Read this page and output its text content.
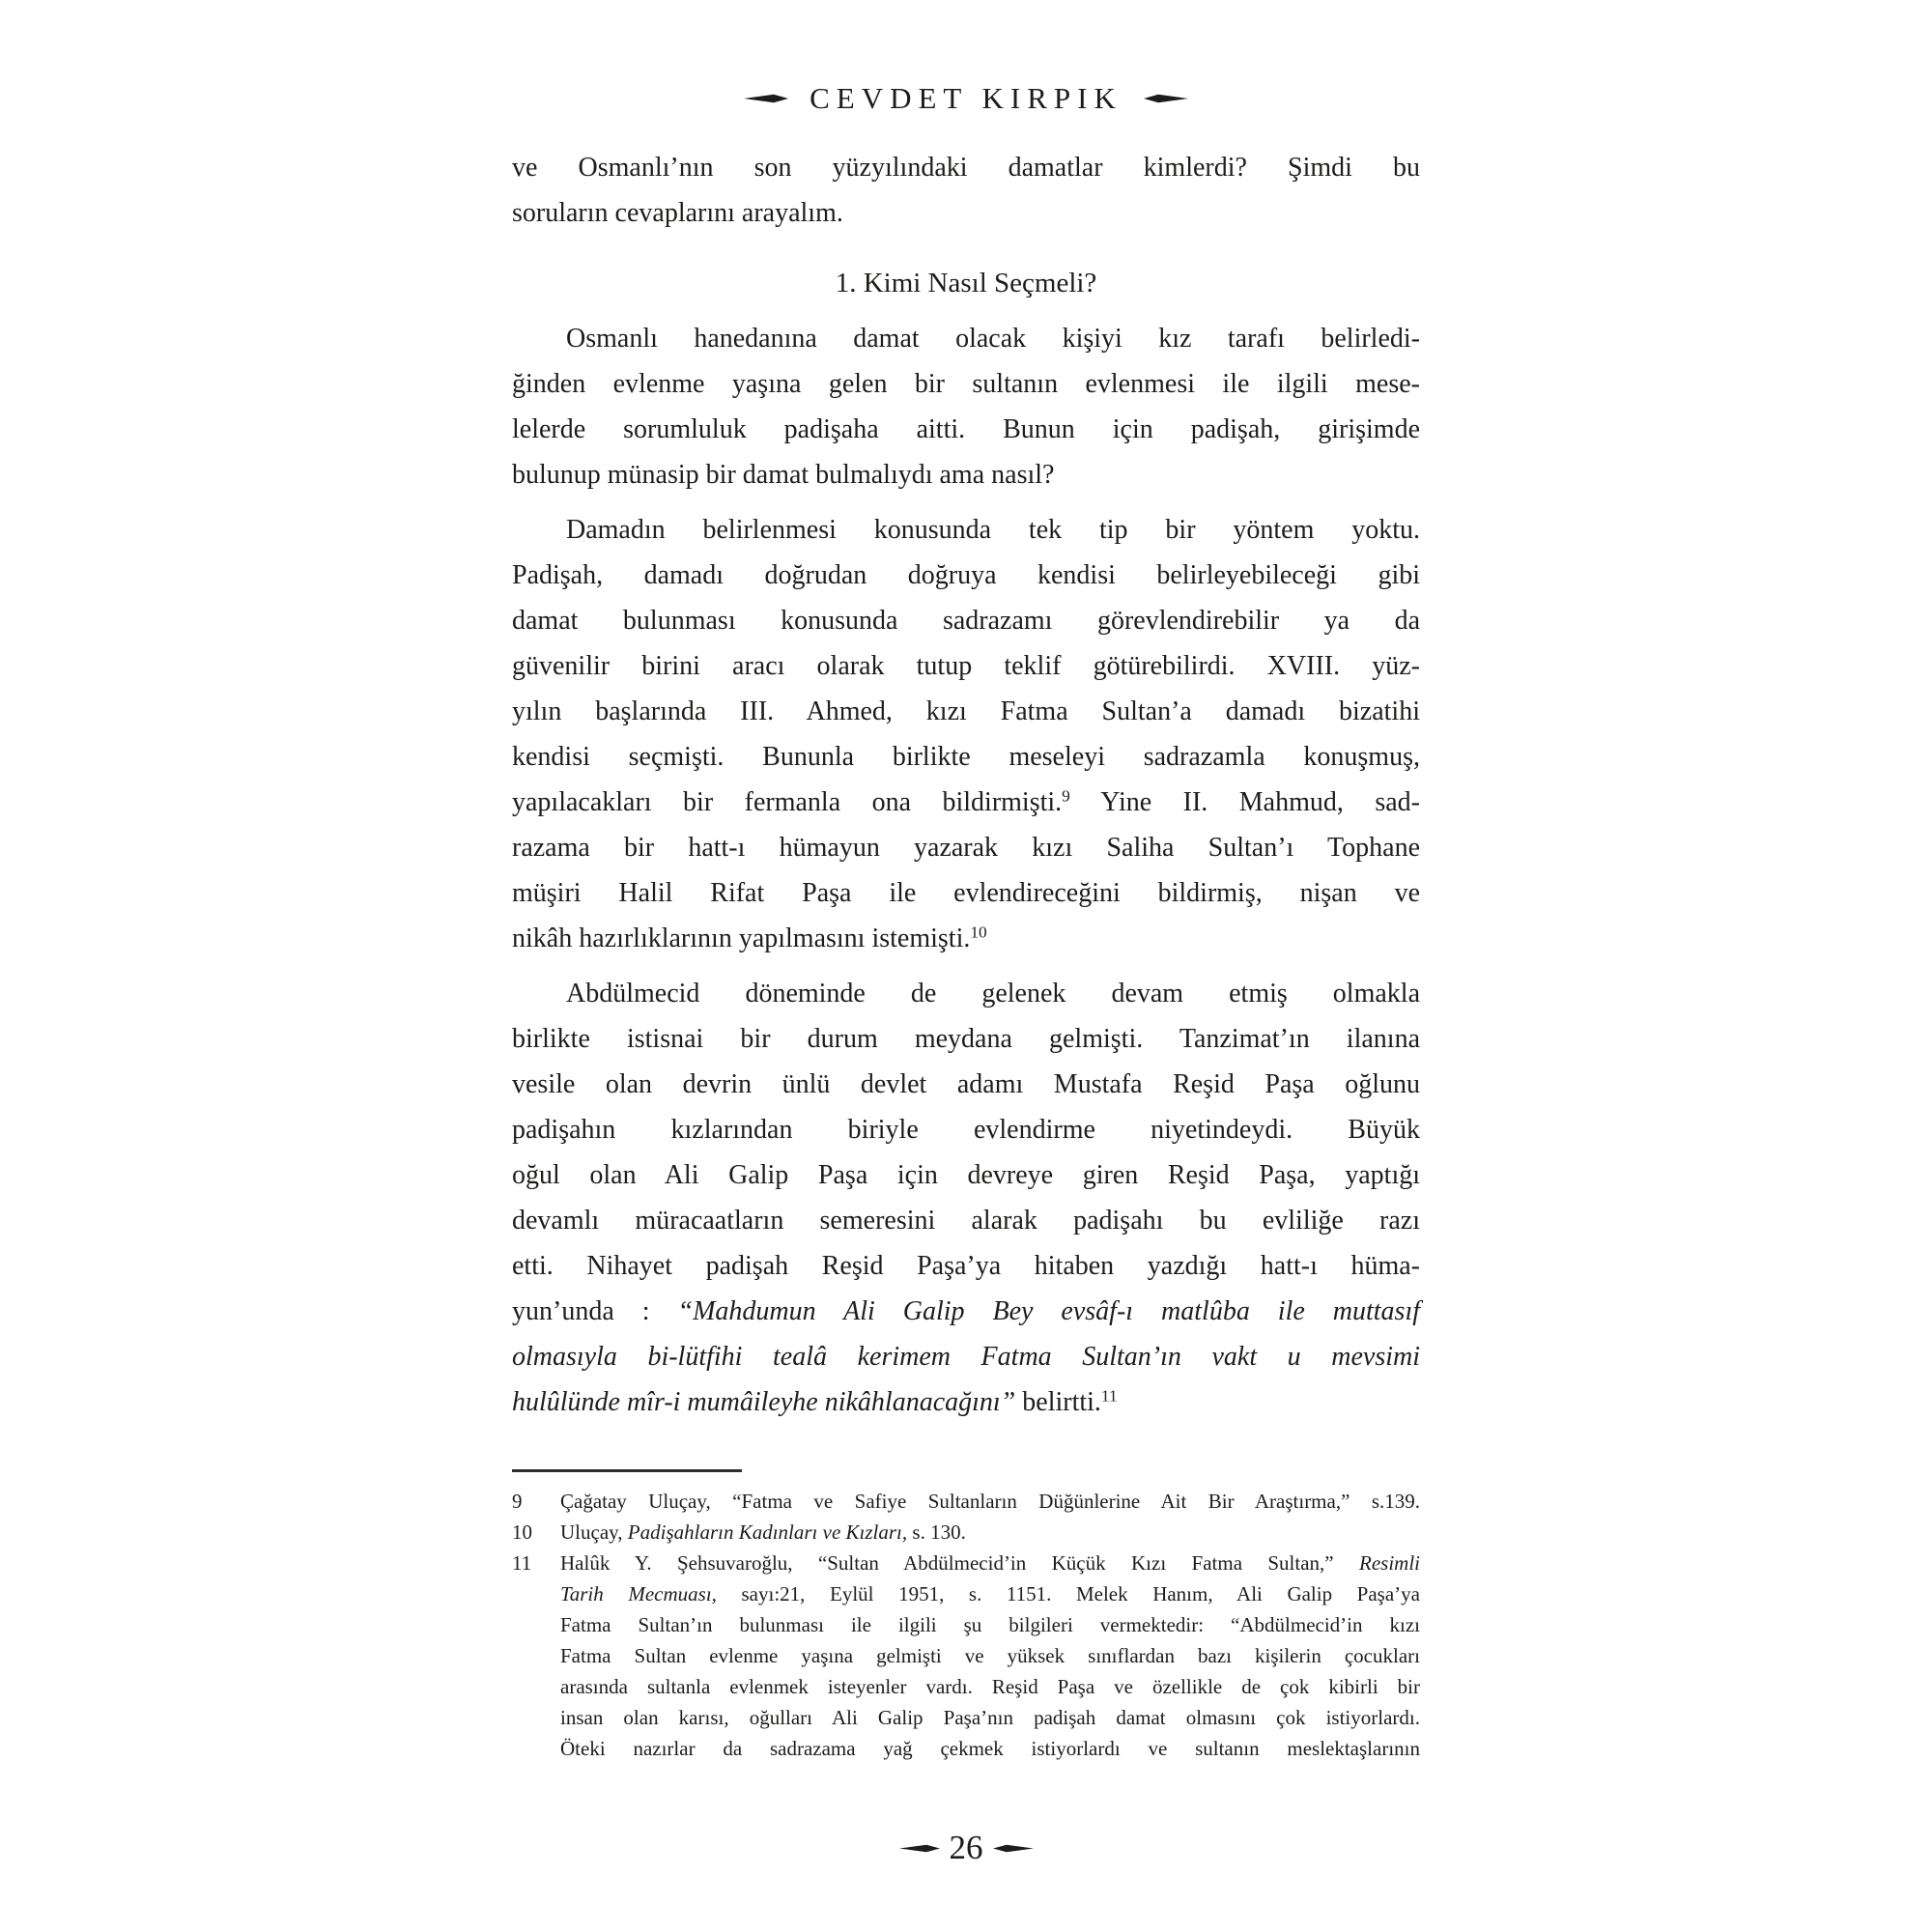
CEVDET KIRPIK
ve Osmanlı’nın son yüzyılındaki damatlar kimlerdi? Şimdi bu
soruların cevaplarını arayalım.
1. Kimi Nasıl Seçmeli?
Osmanlı hanedanına damat olacak kişiyi kız tarafı belirledi-
ğinden evlenme yaşına gelen bir sultanın evlenmesi ile ilgili mese-
lelerde sorumluluk padişaha aitti. Bunun için padişah, girişimde
bulunup münasip bir damat bulmalıydı ama nasıl?
Damadın belirlenmesi konusunda tek tip bir yöntem yoktu.
Padişah, damadı doğrudan doğruya kendisi belirleyebileceği gibi
damat bulunması konusunda sadrazamı görevlendirebilir ya da
güvenilir birini aracı olarak tutup teklif götürebilirdi. XVIII. yüz-
yılın başlarında III. Ahmed, kızı Fatma Sultan’a damadı bizatihi
kendisi seçmişti. Bununla birlikte meseleyi sadrazamla konuşmuş,
yapılacakları bir fermanla ona bildirmişti.$^9$ Yine II. Mahmud, sad-
razama bir hatt-ı hümayun yazarak kızı Saliha Sultan’ı Tophane
müşiri Halil Rifat Paşa ile evlendireceğini bildirmiş, nişan ve
nikâh hazırlıklarının yapılmasını istemişti.$^{10}$
Abdülmecid döneminde de gelenek devam etmiş olmakla
birlikte istisnai bir durum meydana gelmişti. Tanzimat’ın ilanına
vesile olan devrin ünlü devlet adamı Mustafa Reşid Paşa oğlunu
padişahın kızlarından biriyle evlendirme niyetindeydi. Büyük
oğul olan Ali Galip Paşa için devreye giren Reşid Paşa, yaptığı
devamlı müracaatların semeresini alarak padişahı bu evliliğe razı
etti. Nihayet padişah Reşid Paşa’ya hitaben yazdığı hatt-ı hüma-
yun’unda : “Mahdumun Ali Galip Bey evsâf-ı matlûba ile muttasıf
olmasıyla bi-lütfihi tealâ kerimem Fatma Sultan’ın vakt u mevsimi
hulûlünde mîr-i mumâileyhe nikâhlanacağını” belirtti.$^{11}$
9 Çağatay Uluçay, “Fatma ve Safiye Sultanların Düğünlerine Ait Bir Araştırma,” s.139.
10 Uluçay, Padişahların Kadınları ve Kızları, s. 130.
11 Halûk Y. Şehsuvaroğlu, “Sultan Abdülmecid’in Küçük Kızı Fatma Sultan,” Resimli
Tarih Mecmuası, sayı:21, Eylül 1951, s. 1151. Melek Hanım, Ali Galip Paşa’ya
Fatma Sultan’ın bulunması ile ilgili şu bilgileri vermektedir: “Abdülmecid’in kızı
Fatma Sultan evlenme yaşına gelmişti ve yüksek sınıflardan bazı kişilerin çocukları
arasında sultanla evlenmek isteyenler vardı. Reşid Paşa ve özellikle de çok kibirli bir
insan olan karısı, oğulları Ali Galip Paşa’nın padişah damat olmasını çok istiyorlardı.
Öteki nazırlar da sadrazama yağ çekmek istiyorlardı ve sultanın meslektaşlarının
26
